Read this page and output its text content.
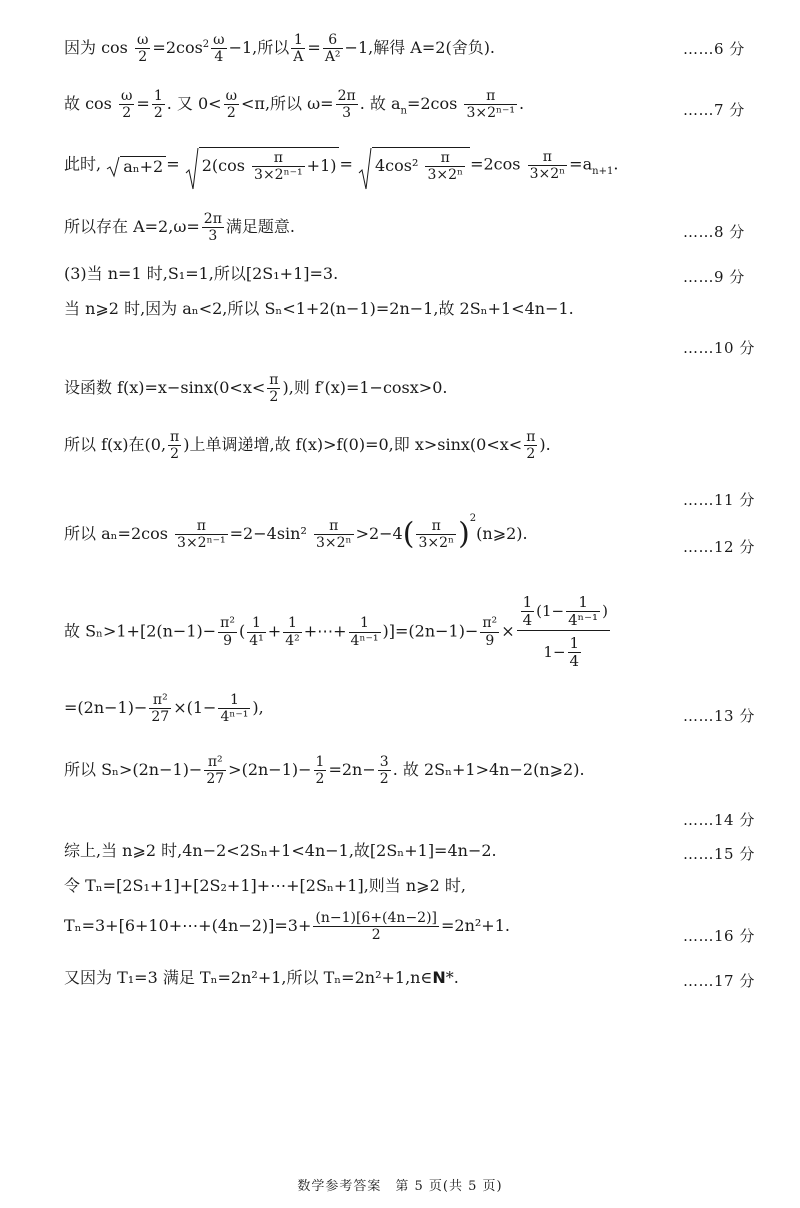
因为 $\cos \frac{\omega}{2} =2\cos^2 \frac{\omega}{4} -1$,所以 $\frac{1}{A} = \frac{6}{\text{A²}} -1$,解得 A=2(舍负).	……6 分
故 $\cos \frac{\omega}{2} = \frac{1}{2}$ . 又 $0< \frac{\omega}{2} <\pi$,所以 $\omega= \frac{2\pi}{3}$ . 故 $a_n=2\cos \frac{\pi}{\text{3×2ⁿ⁻¹}}$ .	……7 分
此时, $a_n+2 = 2(\cos \frac{\pi}{\text{3×2ⁿ⁻¹}} +1) = 4\cos^2 \frac{\pi}{\text{3×2ⁿ}} =2\cos \frac{\pi}{\text{3×2ⁿ}} =a_{n+1}$.
所以存在 $A=2,\omega= \frac{2\pi}{3}$ 满足题意.	……8 分
(3)当 n=1 时,S₁=1,所以[2S₁+1]=3.	……9 分
当 n⩾2 时,因为 aₙ<2,所以 Sₙ<1+2(n−1)=2n−1,故 2Sₙ+1<4n−1.
……10 分
设函数 $f(x)=x-\sin x(0<x< \frac{\pi}{2}$ ),则 f′(x)=1−cosx>0.
所以 f(x)在(0, $\frac{\pi}{2}$ )上单调递增,故 f(x)>f(0)=0,即 $x>\sin x(0<x< \frac{\pi}{2}$ ).
……11 分
所以 $a_n=2\cos \frac{\pi}{\text{3×2ⁿ⁻¹}} =2-4\sin^2 \frac{\pi}{\text{3×2ⁿ}} >2-4( \frac{\pi}{\text{3×2ⁿ}}$ )$^2(n⩾2)$.
……12 分
故 $S_n>1+[2(n-1)- \frac{\text{π²}}{9}$ ( $\frac{1}{\text{4¹}} + \frac{1}{\text{4²}}$ +⋯+ $\frac{1}{\text{4ⁿ⁻¹}} )]=(2n-1)- \frac{\text{π²}}{9} \times \frac{\frac{1}{4} (1- \frac{1}{\text{4ⁿ⁻¹}} )}{1- \frac{1}{4}}$
$=(2n-1)- \frac{\text{π²}}{27} \times(1- \frac{1}{\text{4ⁿ⁻¹}}$ ),	……13 分
所以 $S_n>(2n-1)- \frac{\text{π²}}{27} >(2n-1)- \frac{1}{2} =2n- \frac{3}{2}$ . 故 2Sₙ+1>4n−2(n⩾2).
……14 分
综上,当 n⩾2 时,4n−2<2Sₙ+1<4n−1,故[2Sₙ+1]=4n−2.	……15 分
令 Tₙ=[2S₁+1]+[2S₂+1]+⋯+[2Sₙ+1],则当 n⩾2 时,
Tₙ=3+[6+10+⋯+(4n−2)]=3+ $\frac{(n-1)[6+(4n-2)]}{2} =2n^2+1$.
……16 分
又因为 T₁=3 满足 Tₙ=2n²+1,所以 Tₙ=2n²+1,n∈N*.	……17 分
数学参考答案　第 5 页(共 5 页)
